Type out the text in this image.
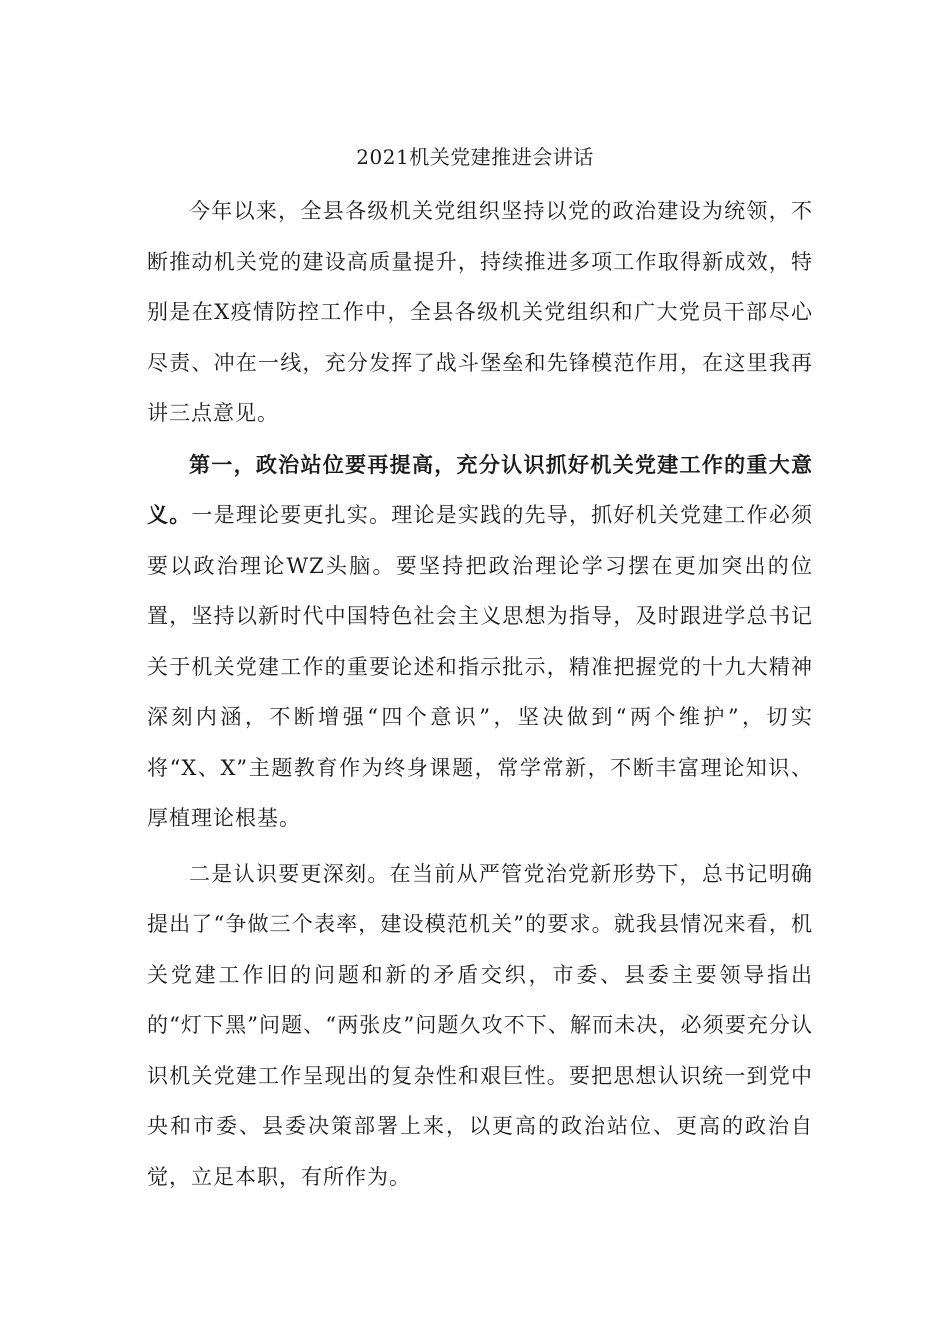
2021机关党建推进会讲话

今年以来，全县各级机关党组织坚持以党的政治建设为统领，不断推动机关党的建设高质量提升，持续推进多项工作取得新成效，特别是在X疫情防控工作中，全县各级机关党组织和广大党员干部尽心尽责、冲在一线，充分发挥了战斗堡垒和先锋模范作用，在这里我再讲三点意见。

第一，政治站位要再提高，充分认识抓好机关党建工作的重大意义。一是理论要更扎实。理论是实践的先导，抓好机关党建工作必须要以政治理论WZ头脑。要坚持把政治理论学习摆在更加突出的位置，坚持以新时代中国特色社会主义思想为指导，及时跟进学总书记关于机关党建工作的重要论述和指示批示，精准把握党的十九大精神深刻内涵，不断增强“四个意识”，坚决做到“两个维护”，切实将“X、X”主题教育作为终身课题，常学常新，不断丰富理论知识、厚植理论根基。

二是认识要更深刻。在当前从严管党治党新形势下，总书记明确提出了“争做三个表率，建设模范机关”的要求。就我县情况来看，机关党建工作旧的问题和新的矛盾交织，市委、县委主要领导指出的“灯下黑”问题、“两张皮”问题久攻不下、解而未决，必须要充分认识机关党建工作呈现出的复杂性和艰巨性。要把思想认识统一到党中央和市委、县委决策部署上来，以更高的政治站位、更高的政治自觉，立足本职，有所作为。
